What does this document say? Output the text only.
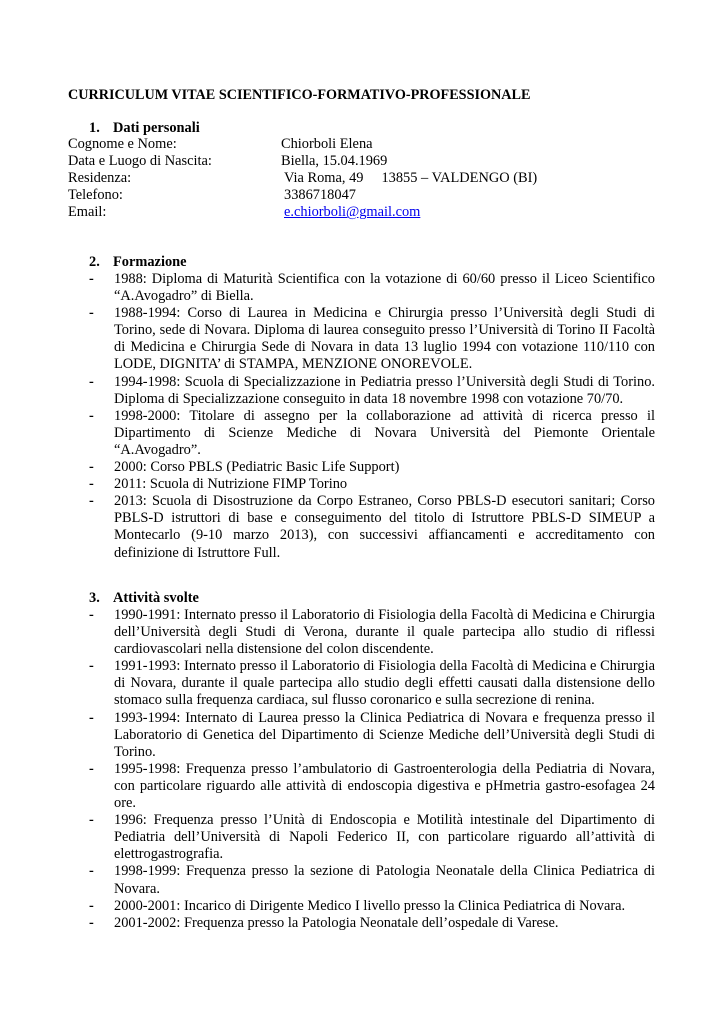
CURRICULUM VITAE SCIENTIFICO-FORMATIVO-PROFESSIONALE
1. Dati personali
Cognome e Nome:	Chiorboli Elena
Data e Luogo di Nascita:	Biella, 15.04.1969
Residenza:	Via Roma, 49     13855 – VALDENGO (BI)
Telefono:	3386718047
Email:	e.chiorboli@gmail.com
2. Formazione
- 1988: Diploma di Maturità Scientifica con la votazione di 60/60 presso il Liceo Scientifico “A.Avogadro” di Biella.
- 1988-1994: Corso di Laurea in Medicina e Chirurgia presso l’Università degli Studi di Torino, sede di Novara. Diploma di laurea conseguito presso l’Università di Torino II Facoltà di Medicina e Chirurgia Sede di Novara in data 13 luglio 1994 con votazione 110/110 con LODE, DIGNITA’ di STAMPA, MENZIONE ONOREVOLE.
- 1994-1998: Scuola di Specializzazione in Pediatria presso l’Università degli Studi di Torino. Diploma di Specializzazione conseguito in data 18 novembre 1998 con votazione 70/70.
- 1998-2000: Titolare di assegno per la collaborazione ad attività di ricerca presso il Dipartimento di Scienze Mediche di Novara Università del Piemonte Orientale “A.Avogadro”.
- 2000: Corso PBLS (Pediatric Basic Life Support)
- 2011: Scuola di Nutrizione FIMP Torino
- 2013: Scuola di Disostruzione da Corpo Estraneo, Corso PBLS-D esecutori sanitari; Corso PBLS-D istruttori di base e conseguimento del titolo di Istruttore PBLS-D SIMEUP a Montecarlo (9-10 marzo 2013), con successivi affiancamenti e accreditamento con definizione di Istruttore Full.
3. Attività svolte
- 1990-1991: Internato presso il Laboratorio di Fisiologia della Facoltà di Medicina e Chirurgia dell’Università degli Studi di Verona, durante il quale partecipa allo studio di riflessi cardiovascolari nella distensione del colon discendente.
- 1991-1993: Internato presso il Laboratorio di Fisiologia della Facoltà di Medicina e Chirurgia di Novara, durante il quale partecipa allo studio degli effetti causati dalla distensione dello stomaco sulla frequenza cardiaca, sul flusso coronarico e sulla secrezione di renina.
- 1993-1994: Internato di Laurea presso la Clinica Pediatrica di Novara e frequenza presso il Laboratorio di Genetica del Dipartimento di Scienze Mediche dell’Università degli Studi di Torino.
- 1995-1998: Frequenza presso l’ambulatorio di Gastroenterologia della Pediatria di Novara, con particolare riguardo alle attività di endoscopia digestiva e pHmetria gastro-esofagea 24 ore.
- 1996: Frequenza presso l’Unità di Endoscopia e Motilità intestinale del Dipartimento di Pediatria dell’Università di Napoli Federico II, con particolare riguardo all’attività di elettrogastrografia.
- 1998-1999: Frequenza presso la sezione di Patologia Neonatale della Clinica Pediatrica di Novara.
- 2000-2001: Incarico di Dirigente Medico I livello presso la Clinica Pediatrica di Novara.
- 2001-2002: Frequenza presso la Patologia Neonatale dell’ospedale di Varese.
